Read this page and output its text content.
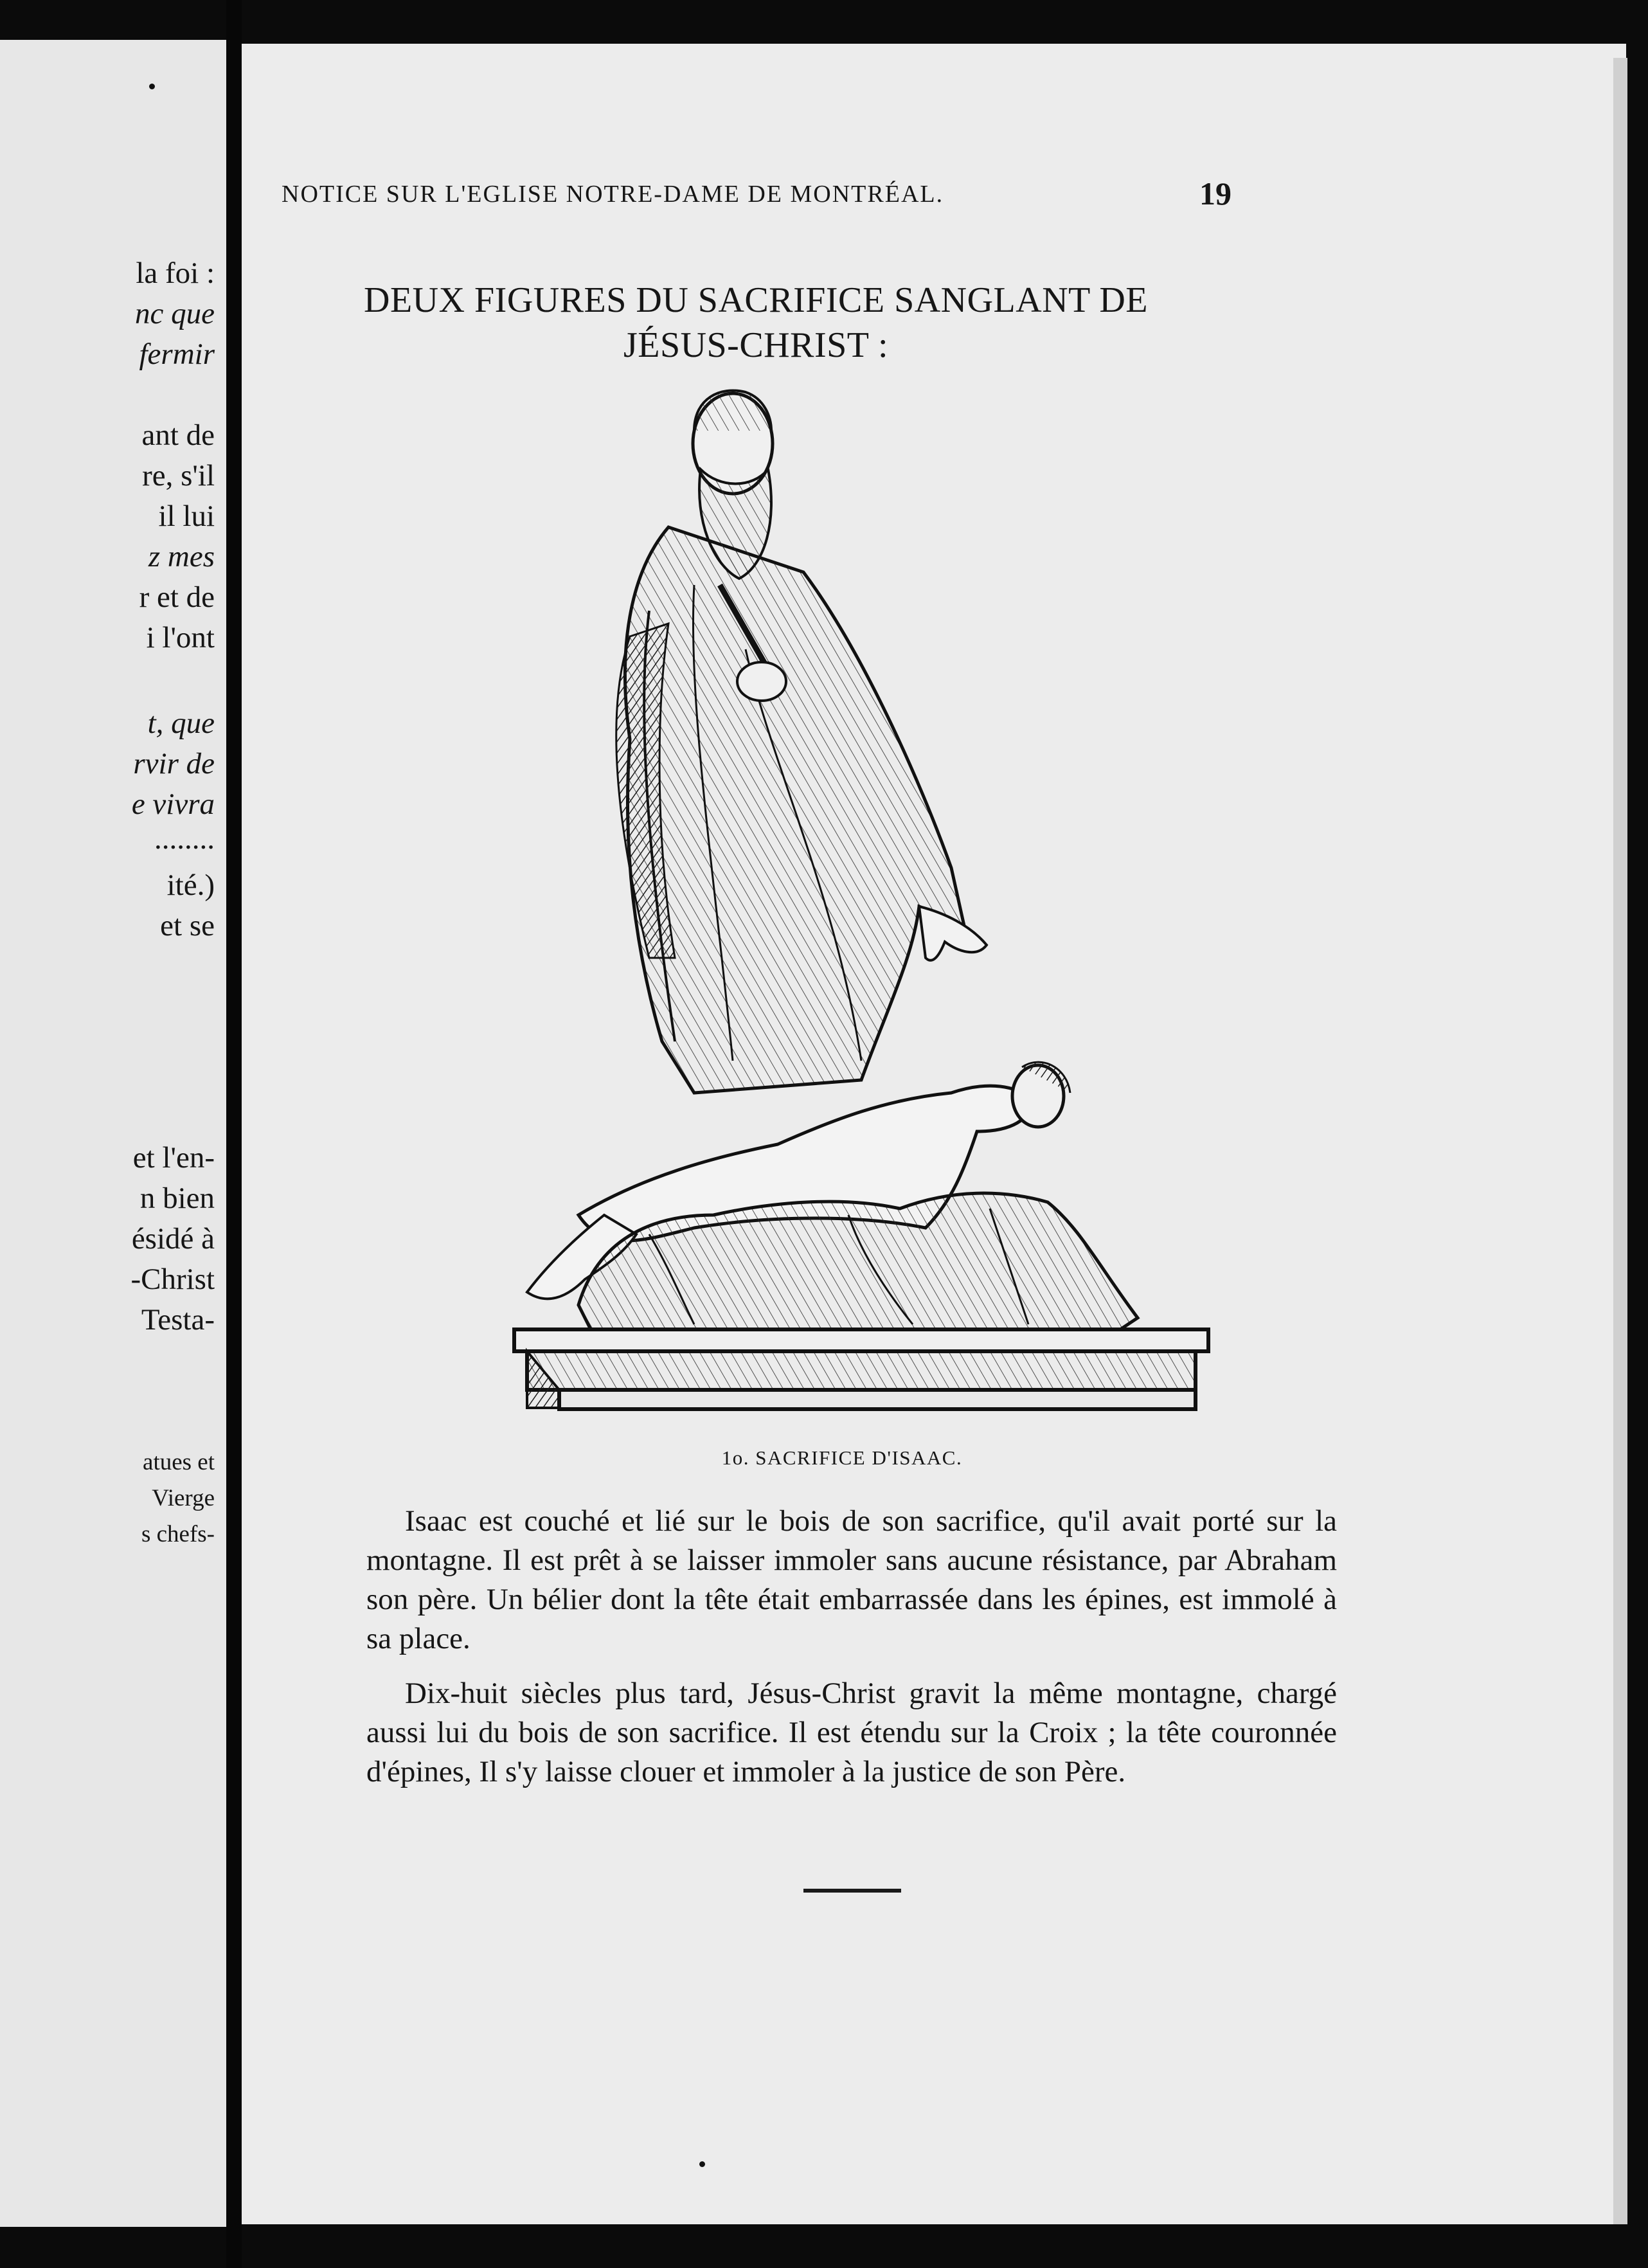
la foi :
nc que
fermir
ant de
re, s'il
il lui
z mes
r et de
i l'ont
t, que
rvir de
e vivra
........
ité.)
et se
et l'en-
n bien
ésidé à
-Christ
Testa-
atues et
Vierge
s chefs-
NOTICE SUR L'EGLISE NOTRE-DAME DE MONTRÉAL.	19
DEUX FIGURES DU SACRIFICE SANGLANT DE
JÉSUS-CHRIST :
1o. SACRIFICE D'ISAAC.

Isaac est couché et lié sur le bois de son sacrifice, qu'il avait porté sur la montagne. Il est prêt à se laisser immoler sans aucune résistance, par Abraham son père. Un bélier dont la tête était embarrassée dans les épines, est immolé à sa place.

Dix-huit siècles plus tard, Jésus-Christ gravit la même montagne, chargé aussi lui du bois de son sacrifice. Il est étendu sur la Croix ; la tête couronnée d'épines, Il s'y laisse clouer et immoler à la justice de son Père.
